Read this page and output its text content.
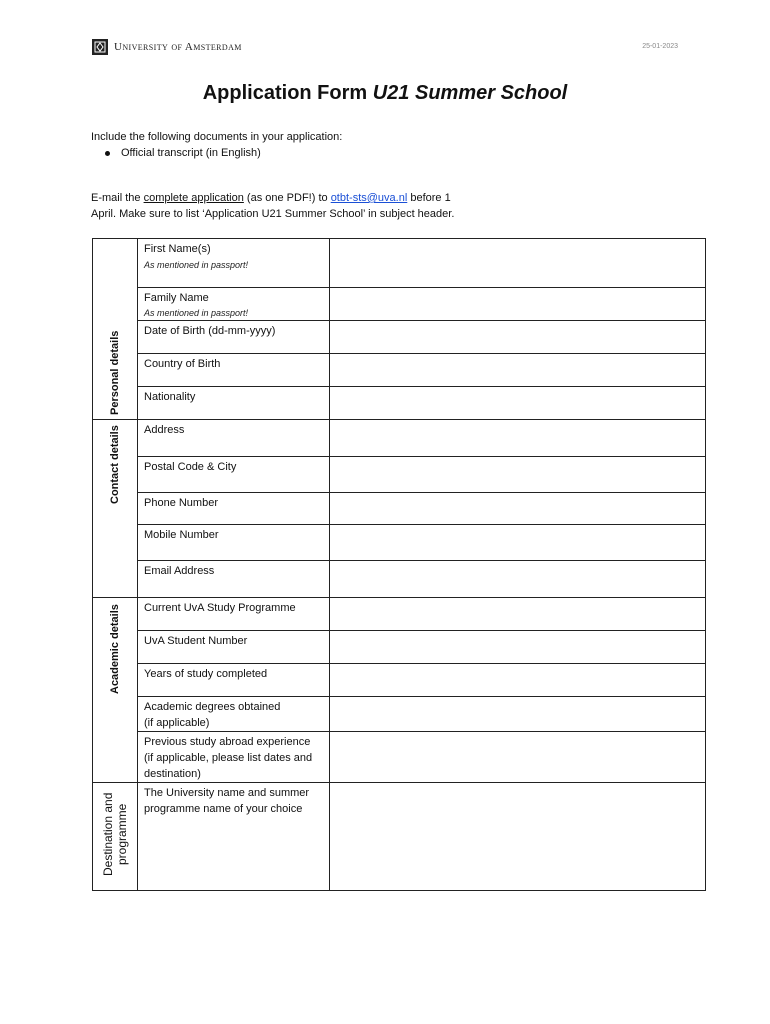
University of Amsterdam	25-01-2023
Application Form U21 Summer School
Include the following documents in your application:
Official transcript (in English)
E-mail the complete application (as one PDF!) to otbt-sts@uva.nl before 1
April. Make sure to list ‘Application U21 Summer School’ in subject header.
Personal details	First Name(s)
As mentioned in passport!	

	Family Name
As mentioned in passport!	

	Date of Birth (dd-mm-yyyy)	

	Country of Birth	

	Nationality	

Contact details	Address	

	Postal Code & City	

	Phone Number	

	Mobile Number	

	Email Address	

Academic details	Current UvA Study Programme	

	UvA Student Number	

	Years of study completed	

	Academic degrees obtained
(if applicable)	

	Previous study abroad experience
(if applicable, please list dates and destination)	

Destination and programme	The University name and summer programme name of your choice	
